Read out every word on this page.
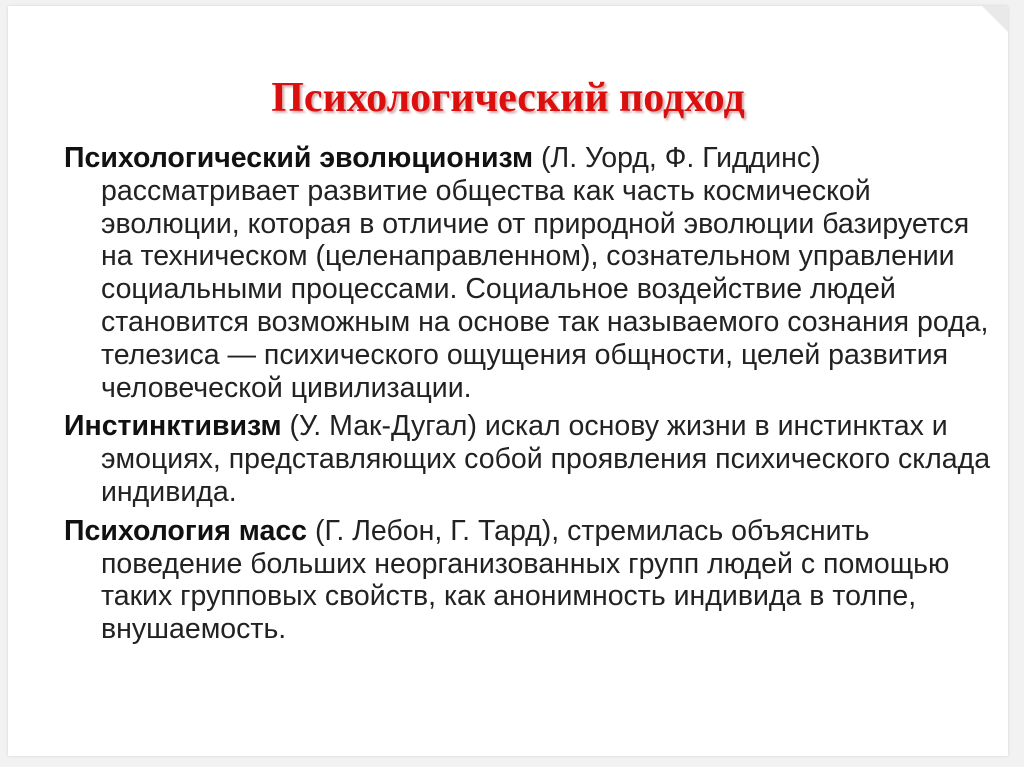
Психологический подход

Психологический эволюционизм (Л. Уорд, Ф. Гиддинс) рассматривает развитие общества как часть космической эволюции, которая в отличие от природной эволюции базируется на техническом (целенаправленном), сознательном управлении социальными процессами. Социальное воздействие людей становится возможным на основе так называемого сознания рода, телезиса — психического ощущения общности, целей развития человеческой цивилизации.

Инстинктивизм (У. Мак-Дугал) искал основу жизни в инстинктах и эмоциях, представляющих собой проявления психического склада индивида.

Психология масс (Г. Лебон, Г. Тард), стремилась объяснить поведение больших неорганизованных групп людей с помощью таких групповых свойств, как анонимность индивида в толпе, внушаемость.
